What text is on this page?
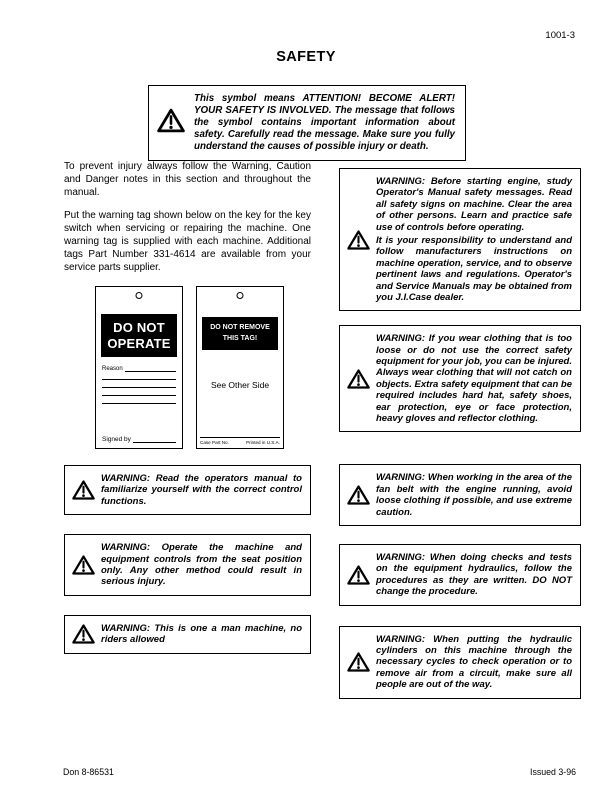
1001-3
SAFETY

This symbol means ATTENTION! BECOME ALERT! YOUR SAFETY IS INVOLVED. The message that follows the symbol contains important information about safety. Carefully read the message. Make sure you fully understand the causes of possible injury or death.

To prevent injury always follow the Warning, Caution and Danger notes in this section and throughout the manual.

Put the warning tag shown below on the key for the key switch when servicing or repairing the machine. One warning tag is supplied with each machine. Additional tags Part Number 331-4614 are available from your service parts supplier.

DO NOT
OPERATE
Reason
Signed by
DO NOT REMOVE
THIS TAG!
See Other Side
Case Part No.	Printed in U.S.A.

WARNING: Read the operators manual to familiarize yourself with the correct control functions.

WARNING: Operate the machine and equipment controls from the seat position only. Any other method could result in serious injury.

WARNING: This is one a man machine, no riders allowed

WARNING: Before starting engine, study Operator's Manual safety messages. Read all safety signs on machine. Clear the area of other persons. Learn and practice safe use of controls before operating.

It is your responsibility to understand and follow manufacturers instructions on machine operation, service, and to observe pertinent laws and regulations. Operator's and Service Manuals may be obtained from you J.I.Case dealer.

WARNING: If you wear clothing that is too loose or do not use the correct safety equipment for your job, you can be injured. Always wear clothing that will not catch on objects. Extra safety equipment that can be required includes hard hat, safety shoes, ear protection, eye or face protection, heavy gloves and reflector clothing.

WARNING: When working in the area of the fan belt with the engine running, avoid loose clothing if possible, and use extreme caution.

WARNING: When doing checks and tests on the equipment hydraulics, follow the procedures as they are written. DO NOT change the procedure.

WARNING: When putting the hydraulic cylinders on this machine through the necessary cycles to check operation or to remove air from a circuit, make sure all people are out of the way.

Don 8-86531	Issued 3-96
